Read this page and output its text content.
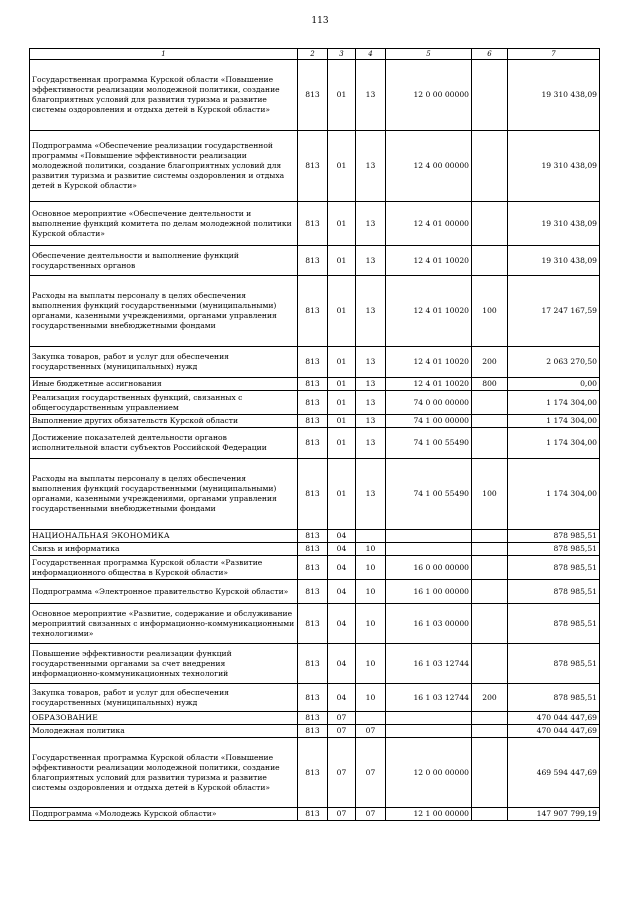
113
1	2	3	4	5	6	7
Государственная программа Курской области «Повышение эффективности реализации молодежной политики, создание благоприятных условий для развития туризма и развитие системы оздоровления и отдыха детей в Курской области»	813	01	13	12 0 00 00000		19 310 438,09
Подпрограмма «Обеспечение реализации государственной программы «Повышение эффективности реализации молодежной политики, создание благоприятных условий для развития туризма и развитие системы оздоровления и отдыха детей в Курской области»	813	01	13	12 4 00 00000		19 310 438,09
Основное мероприятие «Обеспечение деятельности и выполнение функций комитета по делам молодежной политики Курской области»	813	01	13	12 4 01 00000		19 310 438,09
Обеспечение деятельности и выполнение функций государственных органов	813	01	13	12 4 01 10020		19 310 438,09
Расходы на выплаты персоналу в целях обеспечения выполнения функций государственными (муниципальными) органами, казенными учреждениями, органами управления государственными внебюджетными фондами	813	01	13	12 4 01 10020	100	17 247 167,59
Закупка товаров, работ и услуг для обеспечения государственных (муниципальных) нужд	813	01	13	12 4 01 10020	200	2 063 270,50
Иные бюджетные ассигнования	813	01	13	12 4 01 10020	800	0,00
Реализация государственных функций, связанных с общегосударственным управлением	813	01	13	74 0 00 00000		1 174 304,00
Выполнение других обязательств Курской области	813	01	13	74 1 00 00000		1 174 304,00
Достижение показателей деятельности органов исполнительной власти субъектов Российской Федерации	813	01	13	74 1 00 55490		1 174 304,00
Расходы на выплаты персоналу в целях обеспечения выполнения функций государственными (муниципальными) органами, казенными учреждениями, органами управления государственными внебюджетными фондами	813	01	13	74 1 00 55490	100	1 174 304,00
НАЦИОНАЛЬНАЯ ЭКОНОМИКА	813	04				878 985,51
Связь и информатика	813	04	10			878 985,51
Государственная программа Курской области «Развитие информационного общества в Курской области»	813	04	10	16 0 00 00000		878 985,51
Подпрограмма «Электронное правительство Курской области»	813	04	10	16 1 00 00000		878 985,51
Основное мероприятие «Развитие, содержание и обслуживание мероприятий связанных с информационно-коммуникационными технологиями»	813	04	10	16 1 03 00000		878 985,51
Повышение эффективности реализации функций государственными органами за счет внедрения информационно-коммуникационных технологий	813	04	10	16 1 03 12744		878 985,51
Закупка товаров, работ и услуг для обеспечения государственных (муниципальных) нужд	813	04	10	16 1 03 12744	200	878 985,51
ОБРАЗОВАНИЕ	813	07				470 044 447,69
Молодежная политика	813	07	07			470 044 447,69
Государственная программа Курской области «Повышение эффективности реализации молодежной политики, создание благоприятных условий для развития туризма и развитие системы оздоровления и отдыха детей в Курской области»	813	07	07	12 0 00 00000		469 594 447,69
Подпрограмма «Молодежь Курской области»	813	07	07	12 1 00 00000		147 907 799,19
